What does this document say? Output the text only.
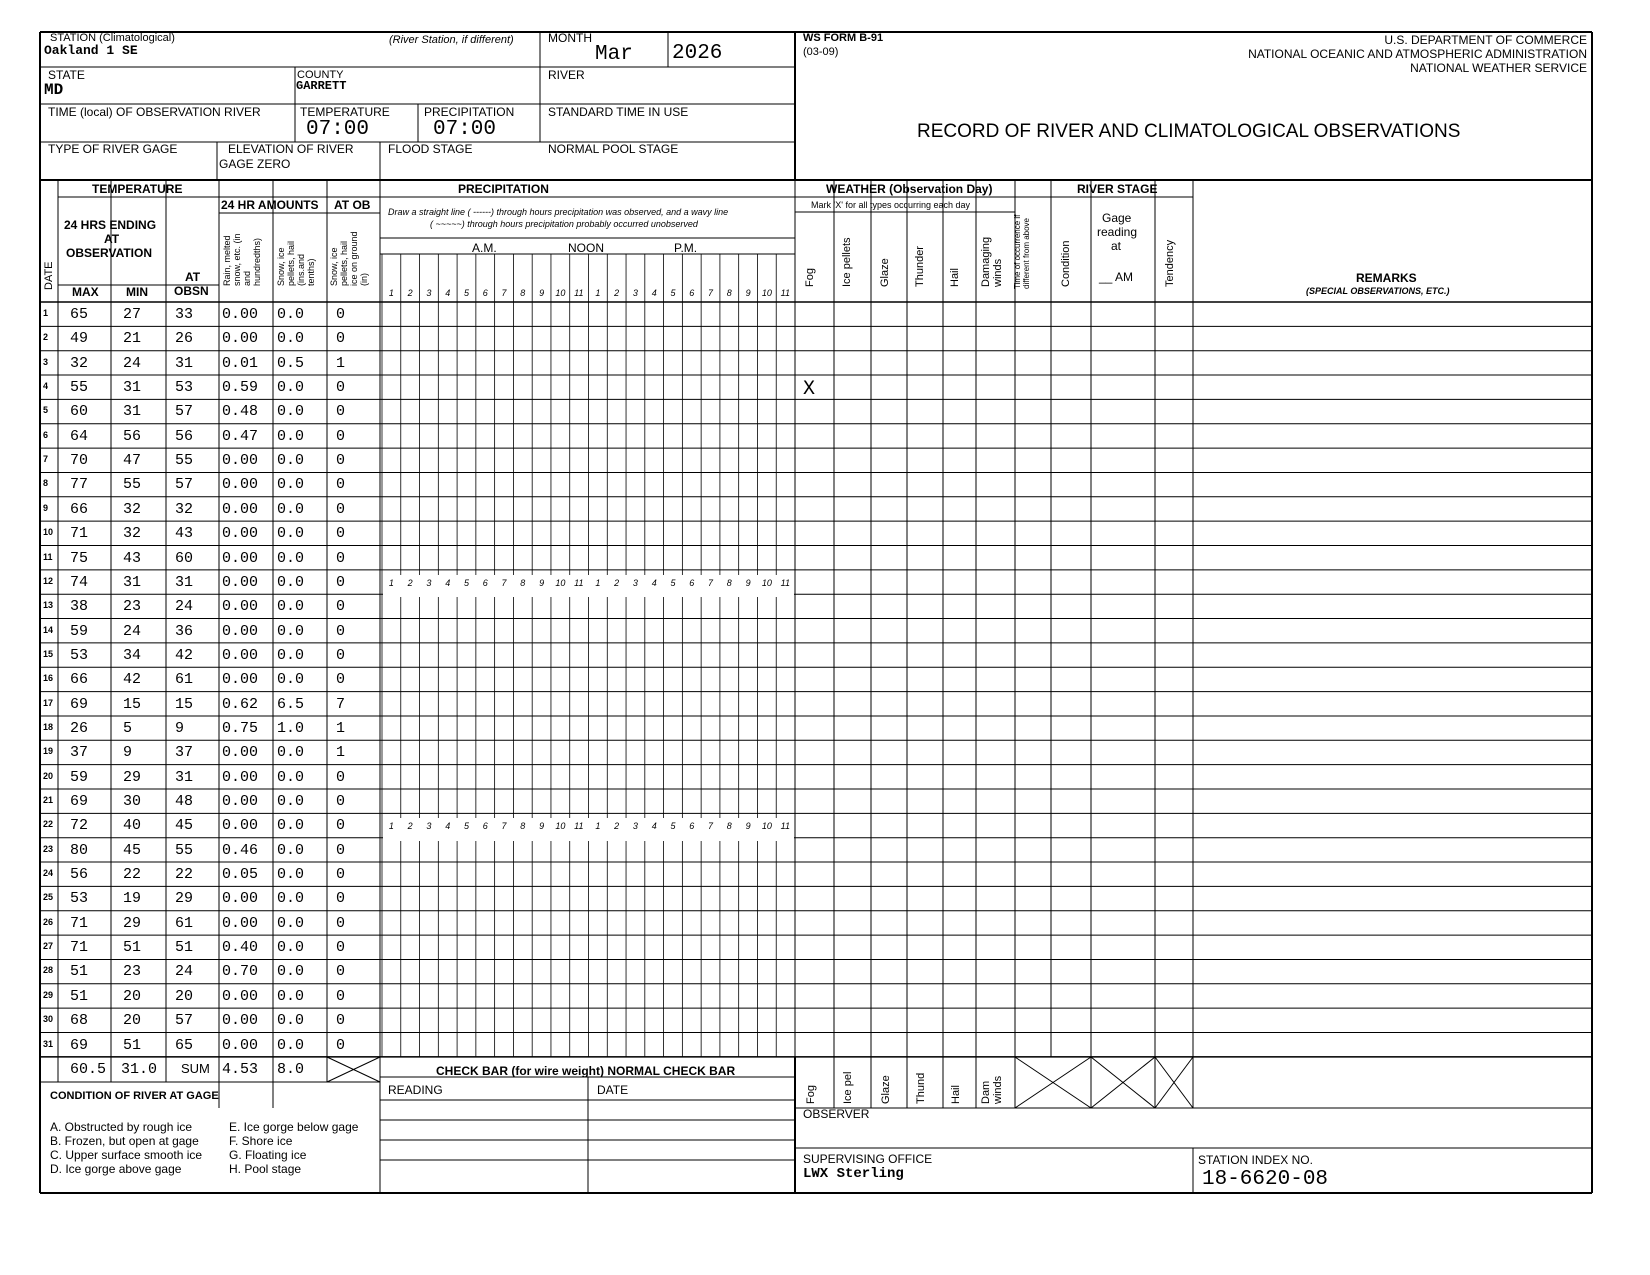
STATION (Climatological)
Oakland 1 SE
(River Station, if different)	MONTH
Mar 2026
STATE
MD
COUNTY
GARRETT
RIVER
TIME (local) OF OBSERVATION RIVER	TEMPERATURE
07:00
PRECIPITATION
07:00
STANDARD TIME IN USE
TYPE OF RIVER GAGE	ELEVATION OF RIVER
GAGE ZERO
FLOOD STAGE	NORMAL POOL STAGE
WS FORM B-91
(03-09)
U.S. DEPARTMENT OF COMMERCE
NATIONAL OCEANIC AND ATMOSPHERIC ADMINISTRATION
NATIONAL WEATHER SERVICE
RECORD OF RIVER AND CLIMATOLOGICAL OBSERVATIONS
TEMPERATURE
24 HRS ENDING
AT
OBSERVATION
DATE
MAX MIN
AT
OBSN
PRECIPITATION
24 HR AMOUNTS AT OB
Rain, melted snow, etc. (in and hundredths) Snow, ice pellets, hail (ins.and tenths) Snow, ice pellets, hail ice on ground (in)
Draw a straight line ( ------) through hours precipitation was observed, and a wavy line
( ~~~~~) through hours precipitation probably occurred unobserved
A.M.	NOON	P.M.
WEATHER (Observation Day)
Mark 'X' for all types occurring each day
Fog Ice pellets Glaze Thunder Hail Damaging winds Time of occurrence if different from above
RIVER STAGE
Condition
Gage
reading
at
__ AM	Tendency	REMARKS
(SPECIAL OBSERVATIONS, ETC.)
1 65 27 33 0.00 0.0 0
2 49 21 26 0.00 0.0 0
3 32 24 31 0.01 0.5 1
4 55 31 53 0.59 0.0 0	X
5 60 31 57 0.48 0.0 0
6 64 56 56 0.47 0.0 0
7 70 47 55 0.00 0.0 0
8 77 55 57 0.00 0.0 0
9 66 32 32 0.00 0.0 0
10 71 32 43 0.00 0.0 0
11 75 43 60 0.00 0.0 0
12 74 31 31 0.00 0.0 0
13 38 23 24 0.00 0.0 0
14 59 24 36 0.00 0.0 0
15 53 34 42 0.00 0.0 0
16 66 42 61 0.00 0.0 0
17 69 15 15 0.62 6.5 7
18 26 5	9	0.75 1.0 1
19 37 9	37 0.00 0.0 1
20 59 29 31 0.00 0.0 0
21 69 30 48 0.00 0.0 0
22 72 40 45 0.00 0.0 0
23 80 45 55 0.46 0.0 0
24 56 22 22 0.05 0.0 0
25 53 19 29 0.00 0.0 0
26 71 29 61 0.00 0.0 0
27 71 51 51 0.40 0.0 0
28 51 23 24 0.70 0.0 0
29 51 20 20 0.00 0.0 0
30 68 20 57 0.00 0.0 0
31 69 51 65 0.00 0.0 0
1 2 3 4 5 6 7 8 9 10 11 1 2 3 4 5 6 7 8 9 10 11
1 2 3 4 5 6 7 8 9 10 11 1 2 3 4 5 6 7 8 9 10 11
1 2 3 4 5 6 7 8 9 10 11 1 2 3 4 5 6 7 8 9 10 11
60.5 31.0 SUM 4.53 8.0	CHECK BAR (for wire weight) NORMAL CHECK BAR
CONDITION OF RIVER AT GAGE	READING	DATE
A. Obstructed by rough ice
B. Frozen, but open at gage
C. Upper surface smooth ice
D. Ice gorge above gage
E. Ice gorge below gage
F. Shore ice
G. Floating ice
H. Pool stage
Fog Ice pel Glaze Thund Hail Dam winds
OBSERVER
SUPERVISING OFFICE
LWX Sterling
STATION INDEX NO.
18-6620-08
